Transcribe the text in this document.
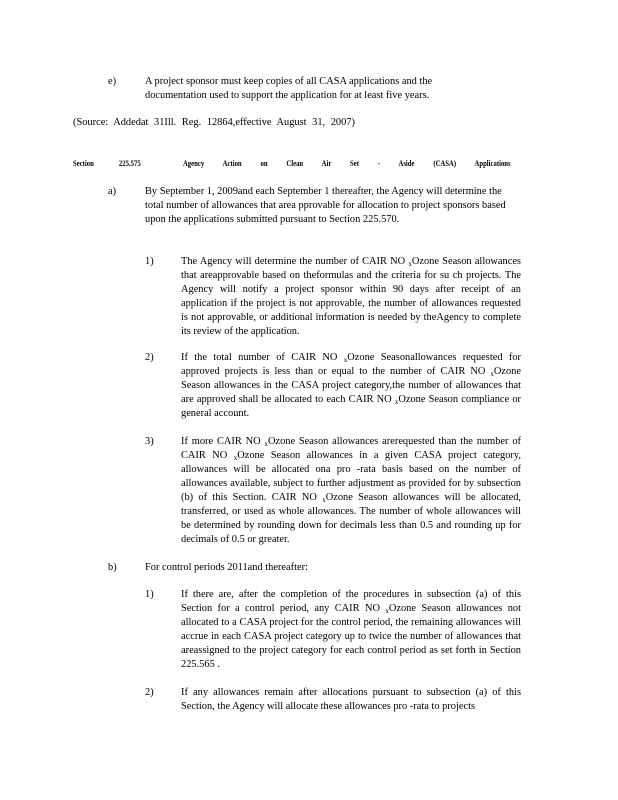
e)	A project sponsor must keep copies of all CASA applications and the documentation used to support the application for at least five years.
(Source: Addedat 31Ill. Reg. 12864,effective August 31, 2007)
Section	225.575	Agency Action on Clean Air Set - Aside (CASA) Applications
a)	By September 1, 2009and each September 1 thereafter, the Agency will determine the total number of allowances that area pprovable for allocation to project sponsors based upon the applications submitted pursuant to Section 225.570.
1)	The Agency will determine the number of CAIR NO $_x$Ozone Season allowances that areapprovable based on theformulas and the criteria for su ch projects. The Agency will notify a project sponsor within 90 days after receipt of an application if the project is not approvable, the number of allowances requested is not approvable, or additional information is needed by theAgency to complete its review of the application.
2)	If the total number of CAIR NO $_x$Ozone Seasonallowances requested for approved projects is less than or equal to the number of CAIR NO $_x$Ozone Season allowances in the CASA project category,the number of allowances that are approved shall be allocated to each CAIR NO $_x$Ozone Season compliance or general account.
3)	If more CAIR NO $_x$Ozone Season allowances arerequested than the number of CAIR NO $_x$Ozone Season allowances in a given CASA project category, allowances will be allocated ona pro -rata basis based on the number of allowances available, subject to further adjustment as provided for by subsection (b) of this Section. CAIR NO $_x$Ozone Season allowances will be allocated, transferred, or used as whole allowances. The number of whole allowances will be determined by rounding down for decimals less than 0.5 and rounding up for decimals of 0.5 or greater.
b)	For control periods 2011and thereafter:
1)	If there are, after the completion of the procedures in subsection (a) of this Section for a control period, any CAIR NO $_x$Ozone Season allowances not allocated to a CASA project for the control period, the remaining allowances will accrue in each CASA project category up to twice the number of allowances that areassigned to the project category for each control period as set forth in Section 225.565 .
2)	If any allowances remain after allocations pursuant to subsection (a) of this Section, the Agency will allocate these allowances pro -rata to projects
